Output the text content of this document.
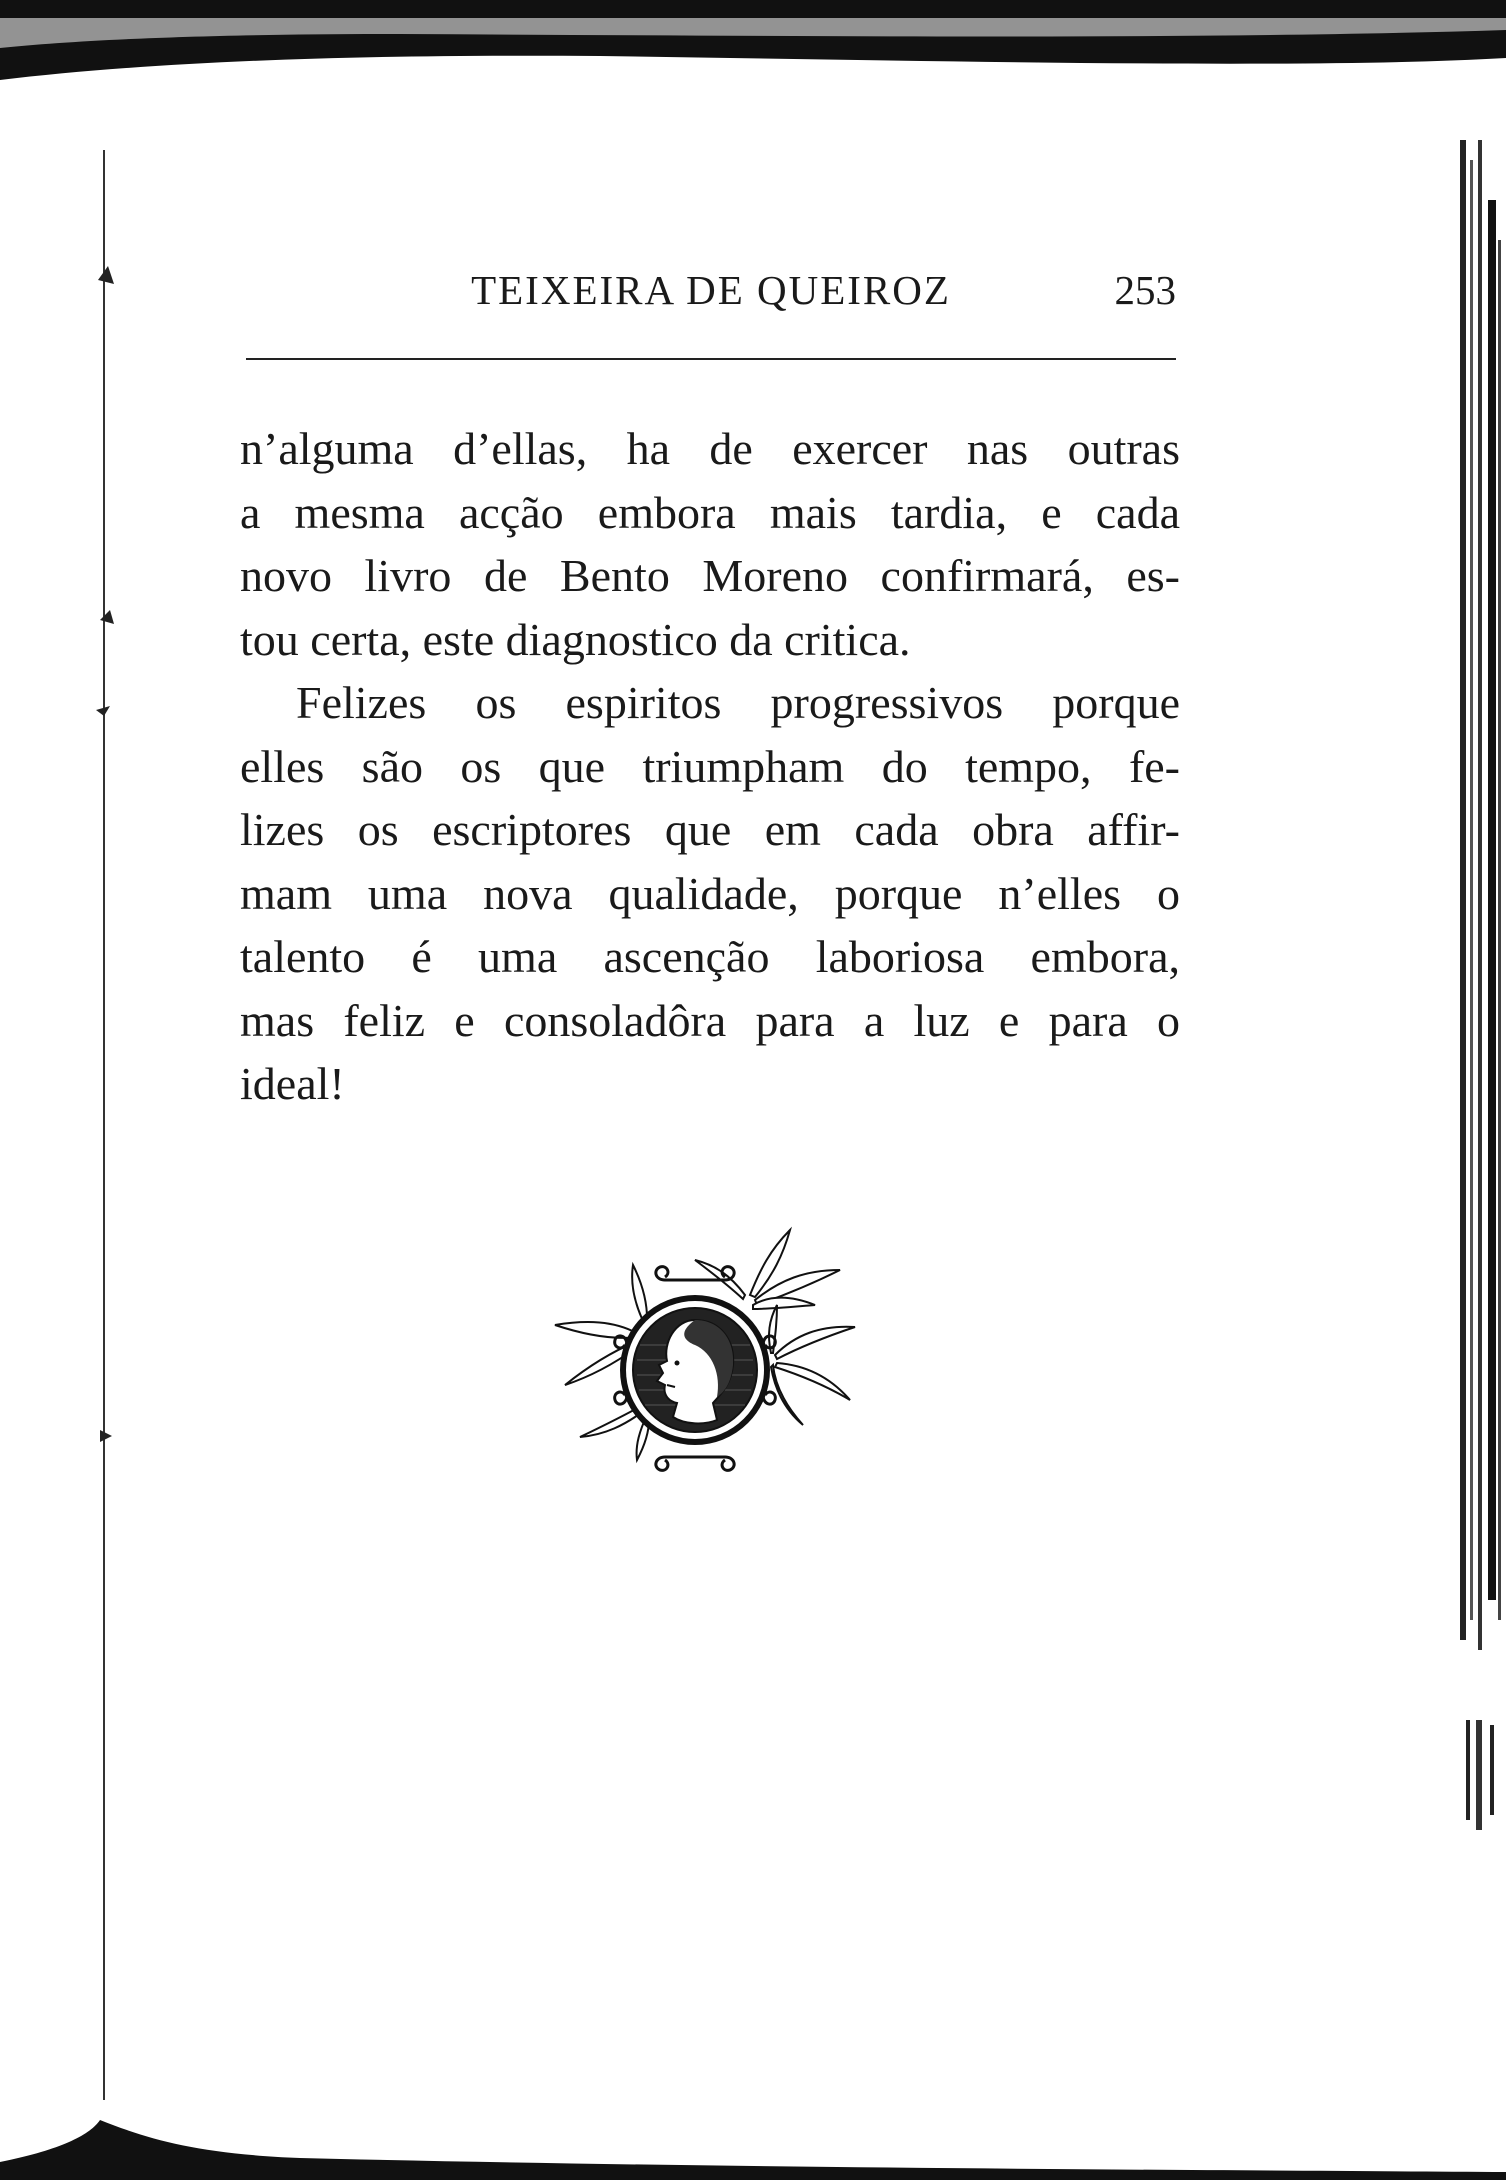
TEIXEIRA DE QUEIROZ	253
n’alguma d’ellas, ha de exercer nas outras
a mesma acção embora mais tardia, e cada
novo livro de Bento Moreno confirmará, es-
tou certa, este diagnostico da critica.
Felizes os espiritos progressivos porque
elles são os que triumpham do tempo, fe-
lizes os escriptores que em cada obra affir-
mam uma nova qualidade, porque n’elles o
talento é uma ascenção laboriosa embora,
mas feliz e consoladôra para a luz e para o
ideal!
